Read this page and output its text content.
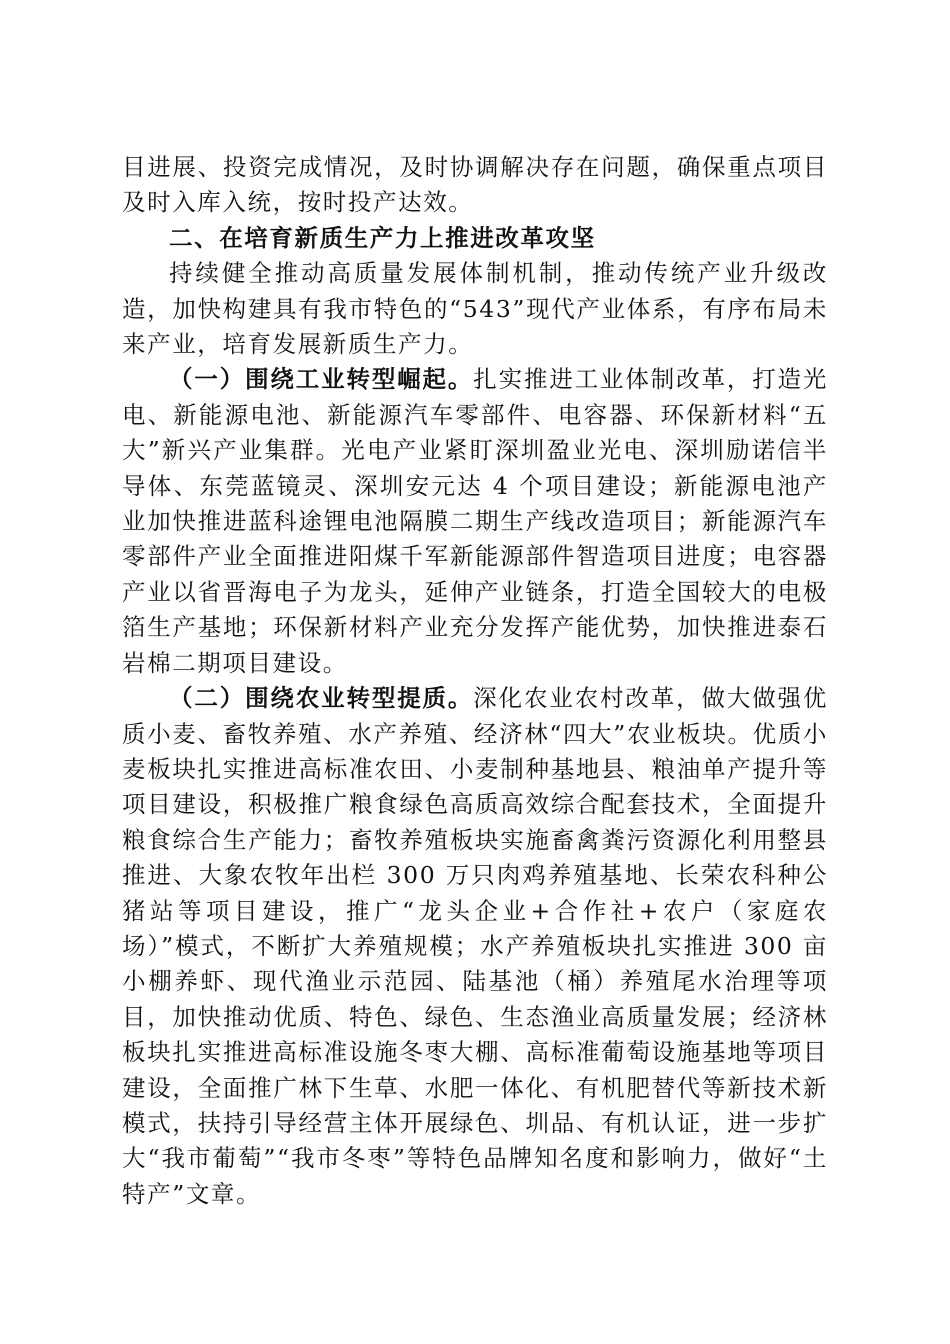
目进展、投资完成情况，及时协调解决存在问题，确保重点项目及时入库入统，按时投产达效。

二、在培育新质生产力上推进改革攻坚

持续健全推动高质量发展体制机制，推动传统产业升级改造，加快构建具有我市特色的“543”现代产业体系，有序布局未来产业，培育发展新质生产力。

（一）围绕工业转型崛起。扎实推进工业体制改革，打造光电、新能源电池、新能源汽车零部件、电容器、环保新材料“五大”新兴产业集群。光电产业紧盯深圳盈业光电、深圳励诺信半导体、东莞蓝镜灵、深圳安元达 4 个项目建设；新能源电池产业加快推进蓝科途锂电池隔膜二期生产线改造项目；新能源汽车零部件产业全面推进阳煤千军新能源部件智造项目进度；电容器产业以省晋海电子为龙头，延伸产业链条，打造全国较大的电极箔生产基地；环保新材料产业充分发挥产能优势，加快推进泰石岩棉二期项目建设。

（二）围绕农业转型提质。深化农业农村改革，做大做强优质小麦、畜牧养殖、水产养殖、经济林“四大”农业板块。优质小麦板块扎实推进高标准农田、小麦制种基地县、粮油单产提升等项目建设，积极推广粮食绿色高质高效综合配套技术，全面提升粮食综合生产能力；畜牧养殖板块实施畜禽粪污资源化利用整县推进、大象农牧年出栏 300 万只肉鸡养殖基地、长荣农科种公猪站等项目建设，推广“龙头企业+合作社+农户（家庭农场）”模式，不断扩大养殖规模；水产养殖板块扎实推进 300 亩小棚养虾、现代渔业示范园、陆基池（桶）养殖尾水治理等项目，加快推动优质、特色、绿色、生态渔业高质量发展；经济林板块扎实推进高标准设施冬枣大棚、高标准葡萄设施基地等项目建设，全面推广林下生草、水肥一体化、有机肥替代等新技术新模式，扶持引导经营主体开展绿色、圳品、有机认证，进一步扩大“我市葡萄”“我市冬枣”等特色品牌知名度和影响力，做好“土特产”文章。
